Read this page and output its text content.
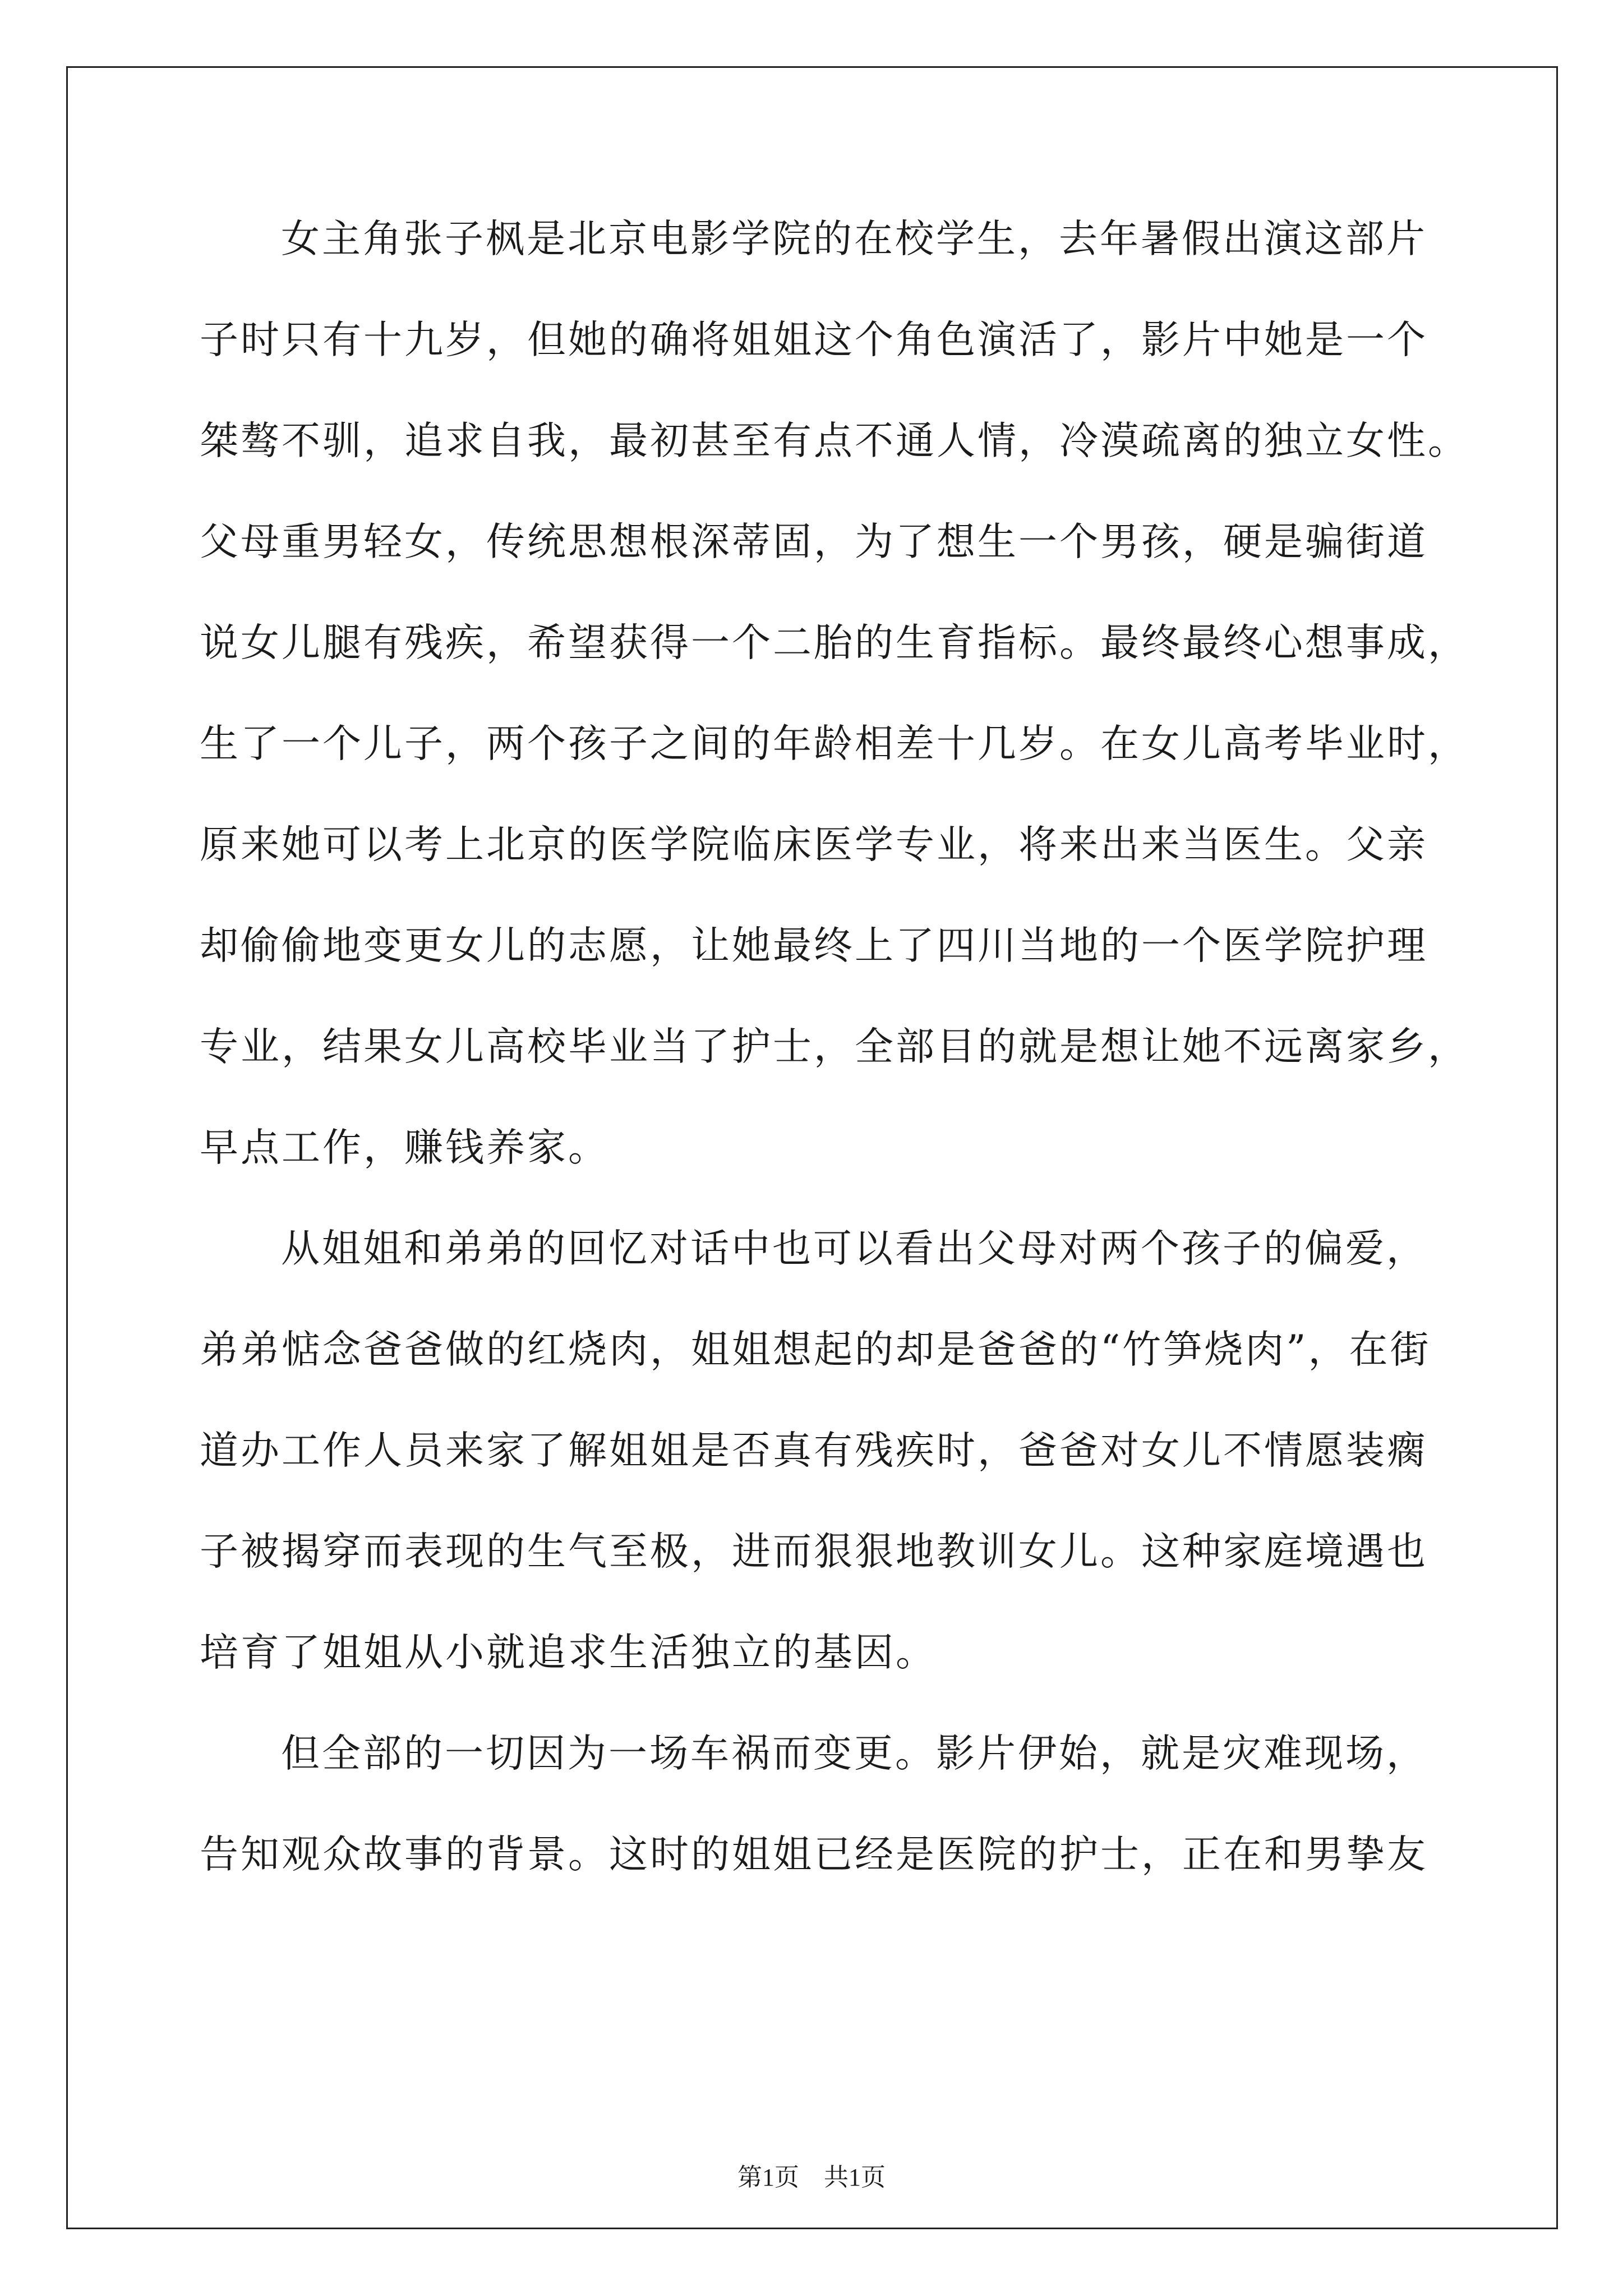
女主角张子枫是北京电影学院的在校学生，去年暑假出演这部片
子时只有十九岁，但她的确将姐姐这个角色演活了，影片中她是一个
桀骜不驯，追求自我，最初甚至有点不通人情，冷漠疏离的独立女性。
父母重男轻女，传统思想根深蒂固，为了想生一个男孩，硬是骗街道
说女儿腿有残疾，希望获得一个二胎的生育指标。最终最终心想事成，
生了一个儿子，两个孩子之间的年龄相差十几岁。在女儿高考毕业时，
原来她可以考上北京的医学院临床医学专业，将来出来当医生。父亲
却偷偷地变更女儿的志愿，让她最终上了四川当地的一个医学院护理
专业，结果女儿高校毕业当了护士，全部目的就是想让她不远离家乡，
早点工作，赚钱养家。
从姐姐和弟弟的回忆对话中也可以看出父母对两个孩子的偏爱，
弟弟惦念爸爸做的红烧肉，姐姐想起的却是爸爸的“竹笋烧肉”，在街
道办工作人员来家了解姐姐是否真有残疾时，爸爸对女儿不情愿装瘸
子被揭穿而表现的生气至极，进而狠狠地教训女儿。这种家庭境遇也
培育了姐姐从小就追求生活独立的基因。
但全部的一切因为一场车祸而变更。影片伊始，就是灾难现场，
告知观众故事的背景。这时的姐姐已经是医院的护士，正在和男挚友
第1页 共1页
